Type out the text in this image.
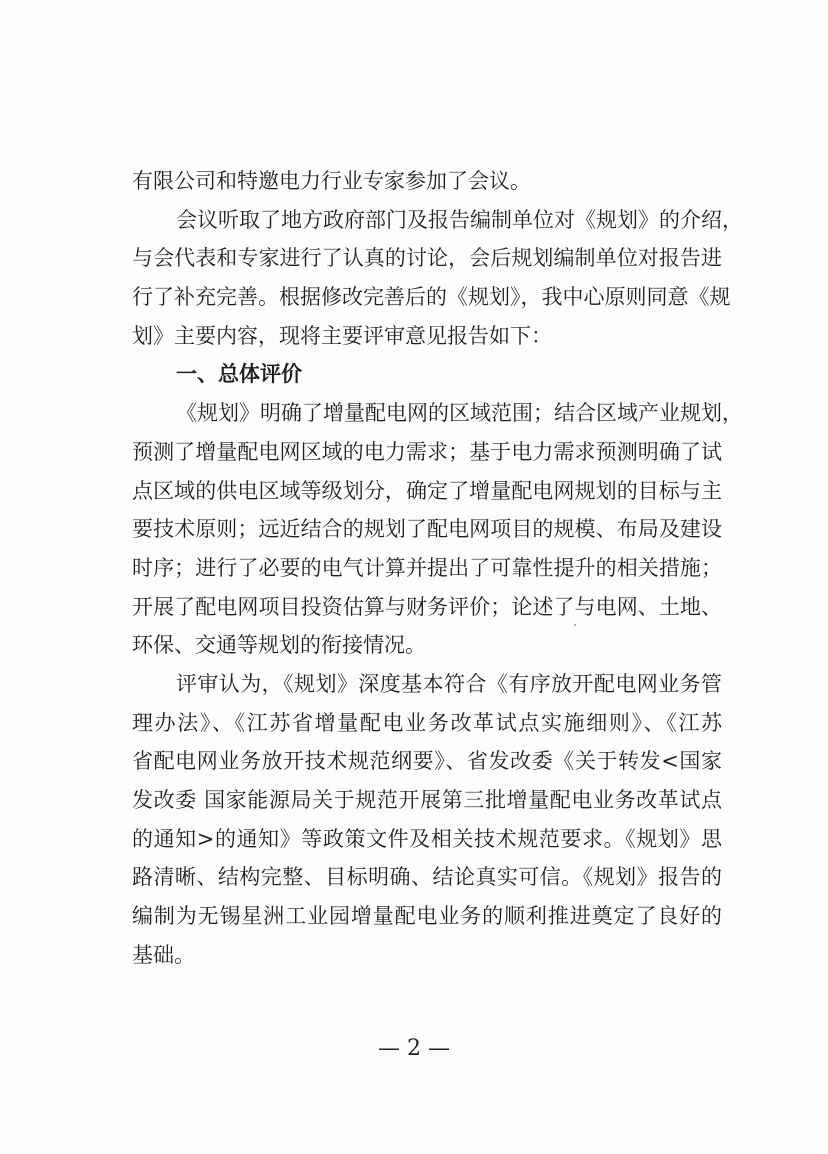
有限公司和特邀电力行业专家参加了会议。
会议听取了地方政府部门及报告编制单位对《规划》的介绍，
与会代表和专家进行了认真的讨论，会后规划编制单位对报告进
行了补充完善。根据修改完善后的《规划》，我中心原则同意《规
划》主要内容，现将主要评审意见报告如下：
一、总体评价
《规划》明确了增量配电网的区域范围；结合区域产业规划，
预测了增量配电网区域的电力需求；基于电力需求预测明确了试
点区域的供电区域等级划分，确定了增量配电网规划的目标与主
要技术原则；远近结合的规划了配电网项目的规模、布局及建设
时序；进行了必要的电气计算并提出了可靠性提升的相关措施；
开展了配电网项目投资估算与财务评价；论述了与电网、土地、
环保、交通等规划的衔接情况。
评审认为，《规划》深度基本符合《有序放开配电网业务管
理办法》、《江苏省增量配电业务改革试点实施细则》、《江苏
省配电网业务放开技术规范纲要》、省发改委《关于转发<国家
发改委 国家能源局关于规范开展第三批增量配电业务改革试点
的通知>的通知》等政策文件及相关技术规范要求。《规划》思
路清晰、结构完整、目标明确、结论真实可信。《规划》报告的
编制为无锡星洲工业园增量配电业务的顺利推进奠定了良好的
基础。
— 2 —
